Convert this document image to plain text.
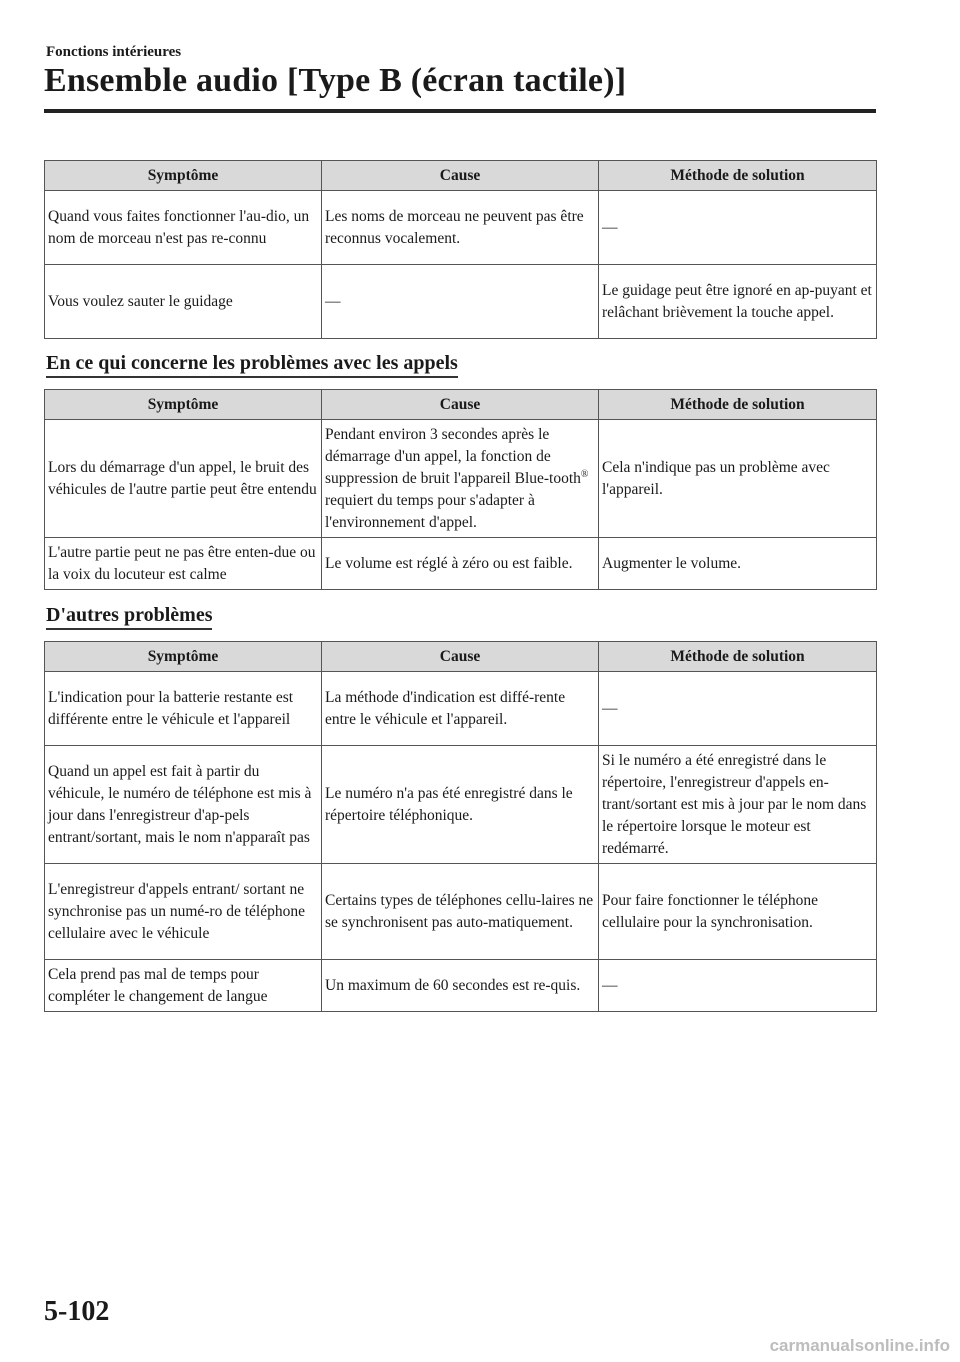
Fonctions intérieures
Ensemble audio [Type B (écran tactile)]
Symptôme	Cause	Méthode de solution
Quand vous faites fonctionner l'au-dio, un nom de morceau n'est pas re-connu	Les noms de morceau ne peuvent pas être reconnus vocalement.	—
Vous voulez sauter le guidage	—	Le guidage peut être ignoré en ap-puyant et relâchant brièvement la touche appel.
En ce qui concerne les problèmes avec les appels
Symptôme	Cause	Méthode de solution
Lors du démarrage d'un appel, le bruit des véhicules de l'autre partie peut être entendu	Pendant environ 3 secondes après le démarrage d'un appel, la fonction de suppression de bruit l'appareil Blue-tooth® requiert du temps pour s'adapter à l'environnement d'appel.	Cela n'indique pas un problème avec l'appareil.
L'autre partie peut ne pas être enten-due ou la voix du locuteur est calme	Le volume est réglé à zéro ou est faible.	Augmenter le volume.
D'autres problèmes
Symptôme	Cause	Méthode de solution
L'indication pour la batterie restante est différente entre le véhicule et l'appareil	La méthode d'indication est diffé-rente entre le véhicule et l'appareil.	—
Quand un appel est fait à partir du véhicule, le numéro de téléphone est mis à jour dans l'enregistreur d'ap-pels entrant/sortant, mais le nom n'apparaît pas	Le numéro n'a pas été enregistré dans le répertoire téléphonique.	Si le numéro a été enregistré dans le répertoire, l'enregistreur d'appels en-trant/sortant est mis à jour par le nom dans le répertoire lorsque le moteur est redémarré.
L'enregistreur d'appels entrant/ sortant ne synchronise pas un numé-ro de téléphone cellulaire avec le véhicule	Certains types de téléphones cellu-laires ne se synchronisent pas auto-matiquement.	Pour faire fonctionner le téléphone cellulaire pour la synchronisation.
Cela prend pas mal de temps pour compléter le changement de langue	Un maximum de 60 secondes est re-quis.	—
5-102
carmanualsonline.info
